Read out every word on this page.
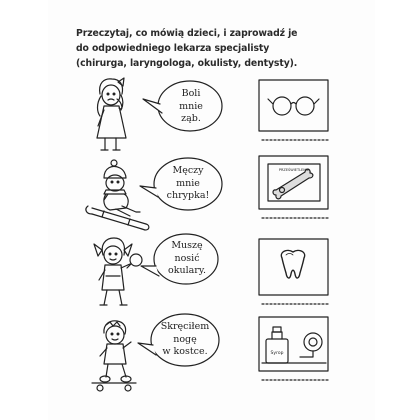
Przeczytaj, co mówią dzieci, i zaprowadź je
do odpowiedniego lekarza specjalisty
(chirurga, laryngologa, okulisty, dentysty).
Boli
mnie
ząb.
Męczy
mnie
chrypka!
Muszę
nosić
okulary.
Skręciłem
nogę
w kostce.
PRZEŚWIETLENIE
Syrop
